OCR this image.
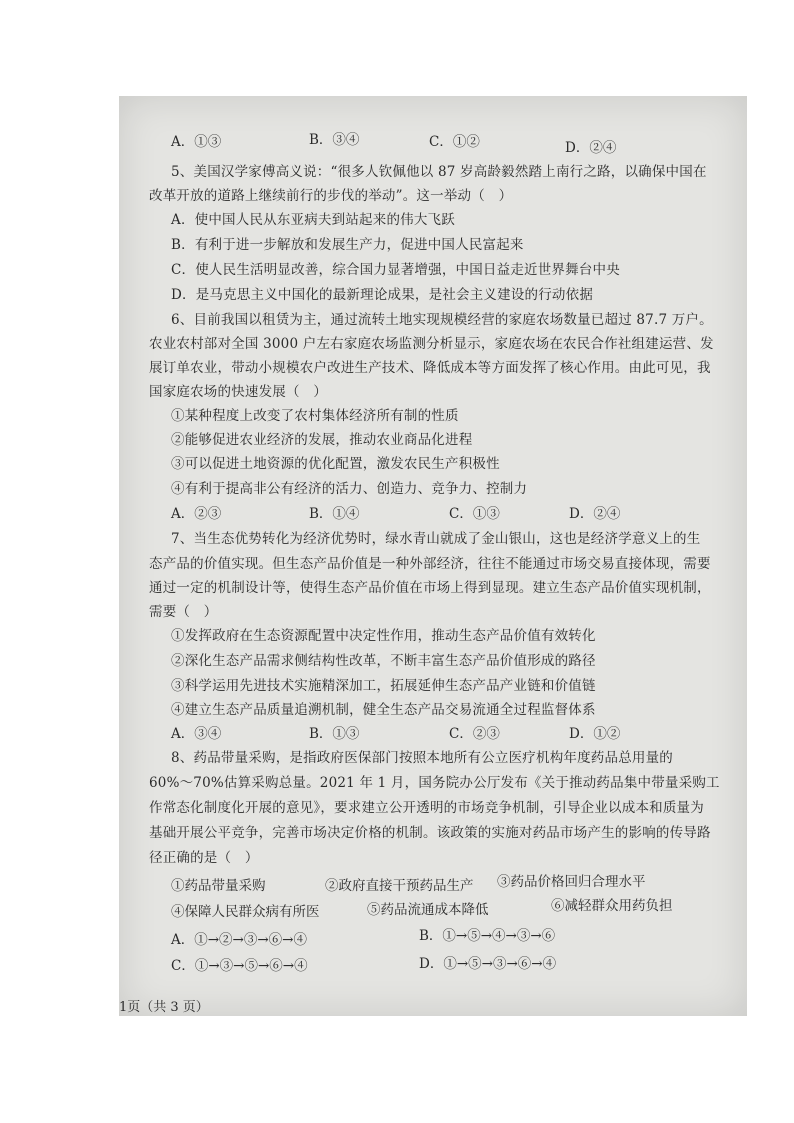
A．①③	B．③④	C．①②	D．②④
5、美国汉学家傅高义说：“很多人钦佩他以 87 岁高龄毅然踏上南行之路，以确保中国在
改革开放的道路上继续前行的步伐的举动”。这一举动（　）
A．使中国人民从东亚病夫到站起来的伟大飞跃
B．有利于进一步解放和发展生产力，促进中国人民富起来
C．使人民生活明显改善，综合国力显著增强，中国日益走近世界舞台中央
D．是马克思主义中国化的最新理论成果，是社会主义建设的行动依据
6、目前我国以租赁为主，通过流转土地实现规模经营的家庭农场数量已超过 87.7 万户。
农业农村部对全国 3000 户左右家庭农场监测分析显示，家庭农场在农民合作社组建运营、发
展订单农业，带动小规模农户改进生产技术、降低成本等方面发挥了核心作用。由此可见，我
国家庭农场的快速发展（　）
①某种程度上改变了农村集体经济所有制的性质
②能够促进农业经济的发展，推动农业商品化进程
③可以促进土地资源的优化配置，激发农民生产积极性
④有利于提高非公有经济的活力、创造力、竞争力、控制力
A．②③	B．①④	C．①③	D．②④
7、当生态优势转化为经济优势时，绿水青山就成了金山银山，这也是经济学意义上的生
态产品的价值实现。但生态产品价值是一种外部经济，往往不能通过市场交易直接体现，需要
通过一定的机制设计等，使得生态产品价值在市场上得到显现。建立生态产品价值实现机制，
需要（　）
①发挥政府在生态资源配置中决定性作用，推动生态产品价值有效转化
②深化生态产品需求侧结构性改革，不断丰富生态产品价值形成的路径
③科学运用先进技术实施精深加工，拓展延伸生态产品产业链和价值链
④建立生态产品质量追溯机制，健全生态产品交易流通全过程监督体系
A．③④	B．①③	C．②③	D．①②
8、药品带量采购，是指政府医保部门按照本地所有公立医疗机构年度药品总用量的
60%～70%估算采购总量。2021 年 1 月，国务院办公厅发布《关于推动药品集中带量采购工
作常态化制度化开展的意见》，要求建立公开透明的市场竞争机制，引导企业以成本和质量为
基础开展公平竞争，完善市场决定价格的机制。该政策的实施对药品市场产生的影响的传导路
径正确的是（　）
①药品带量采购	②政府直接干预药品生产 ③药品价格回归合理水平
④保障人民群众病有所医	⑤药品流通成本降低	⑥减轻群众用药负担
A．①→②→③→⑥→④	B．①→⑤→④→③→⑥
C．①→③→⑤→⑥→④	D．①→⑤→③→⑥→④
1页（共 3 页）
